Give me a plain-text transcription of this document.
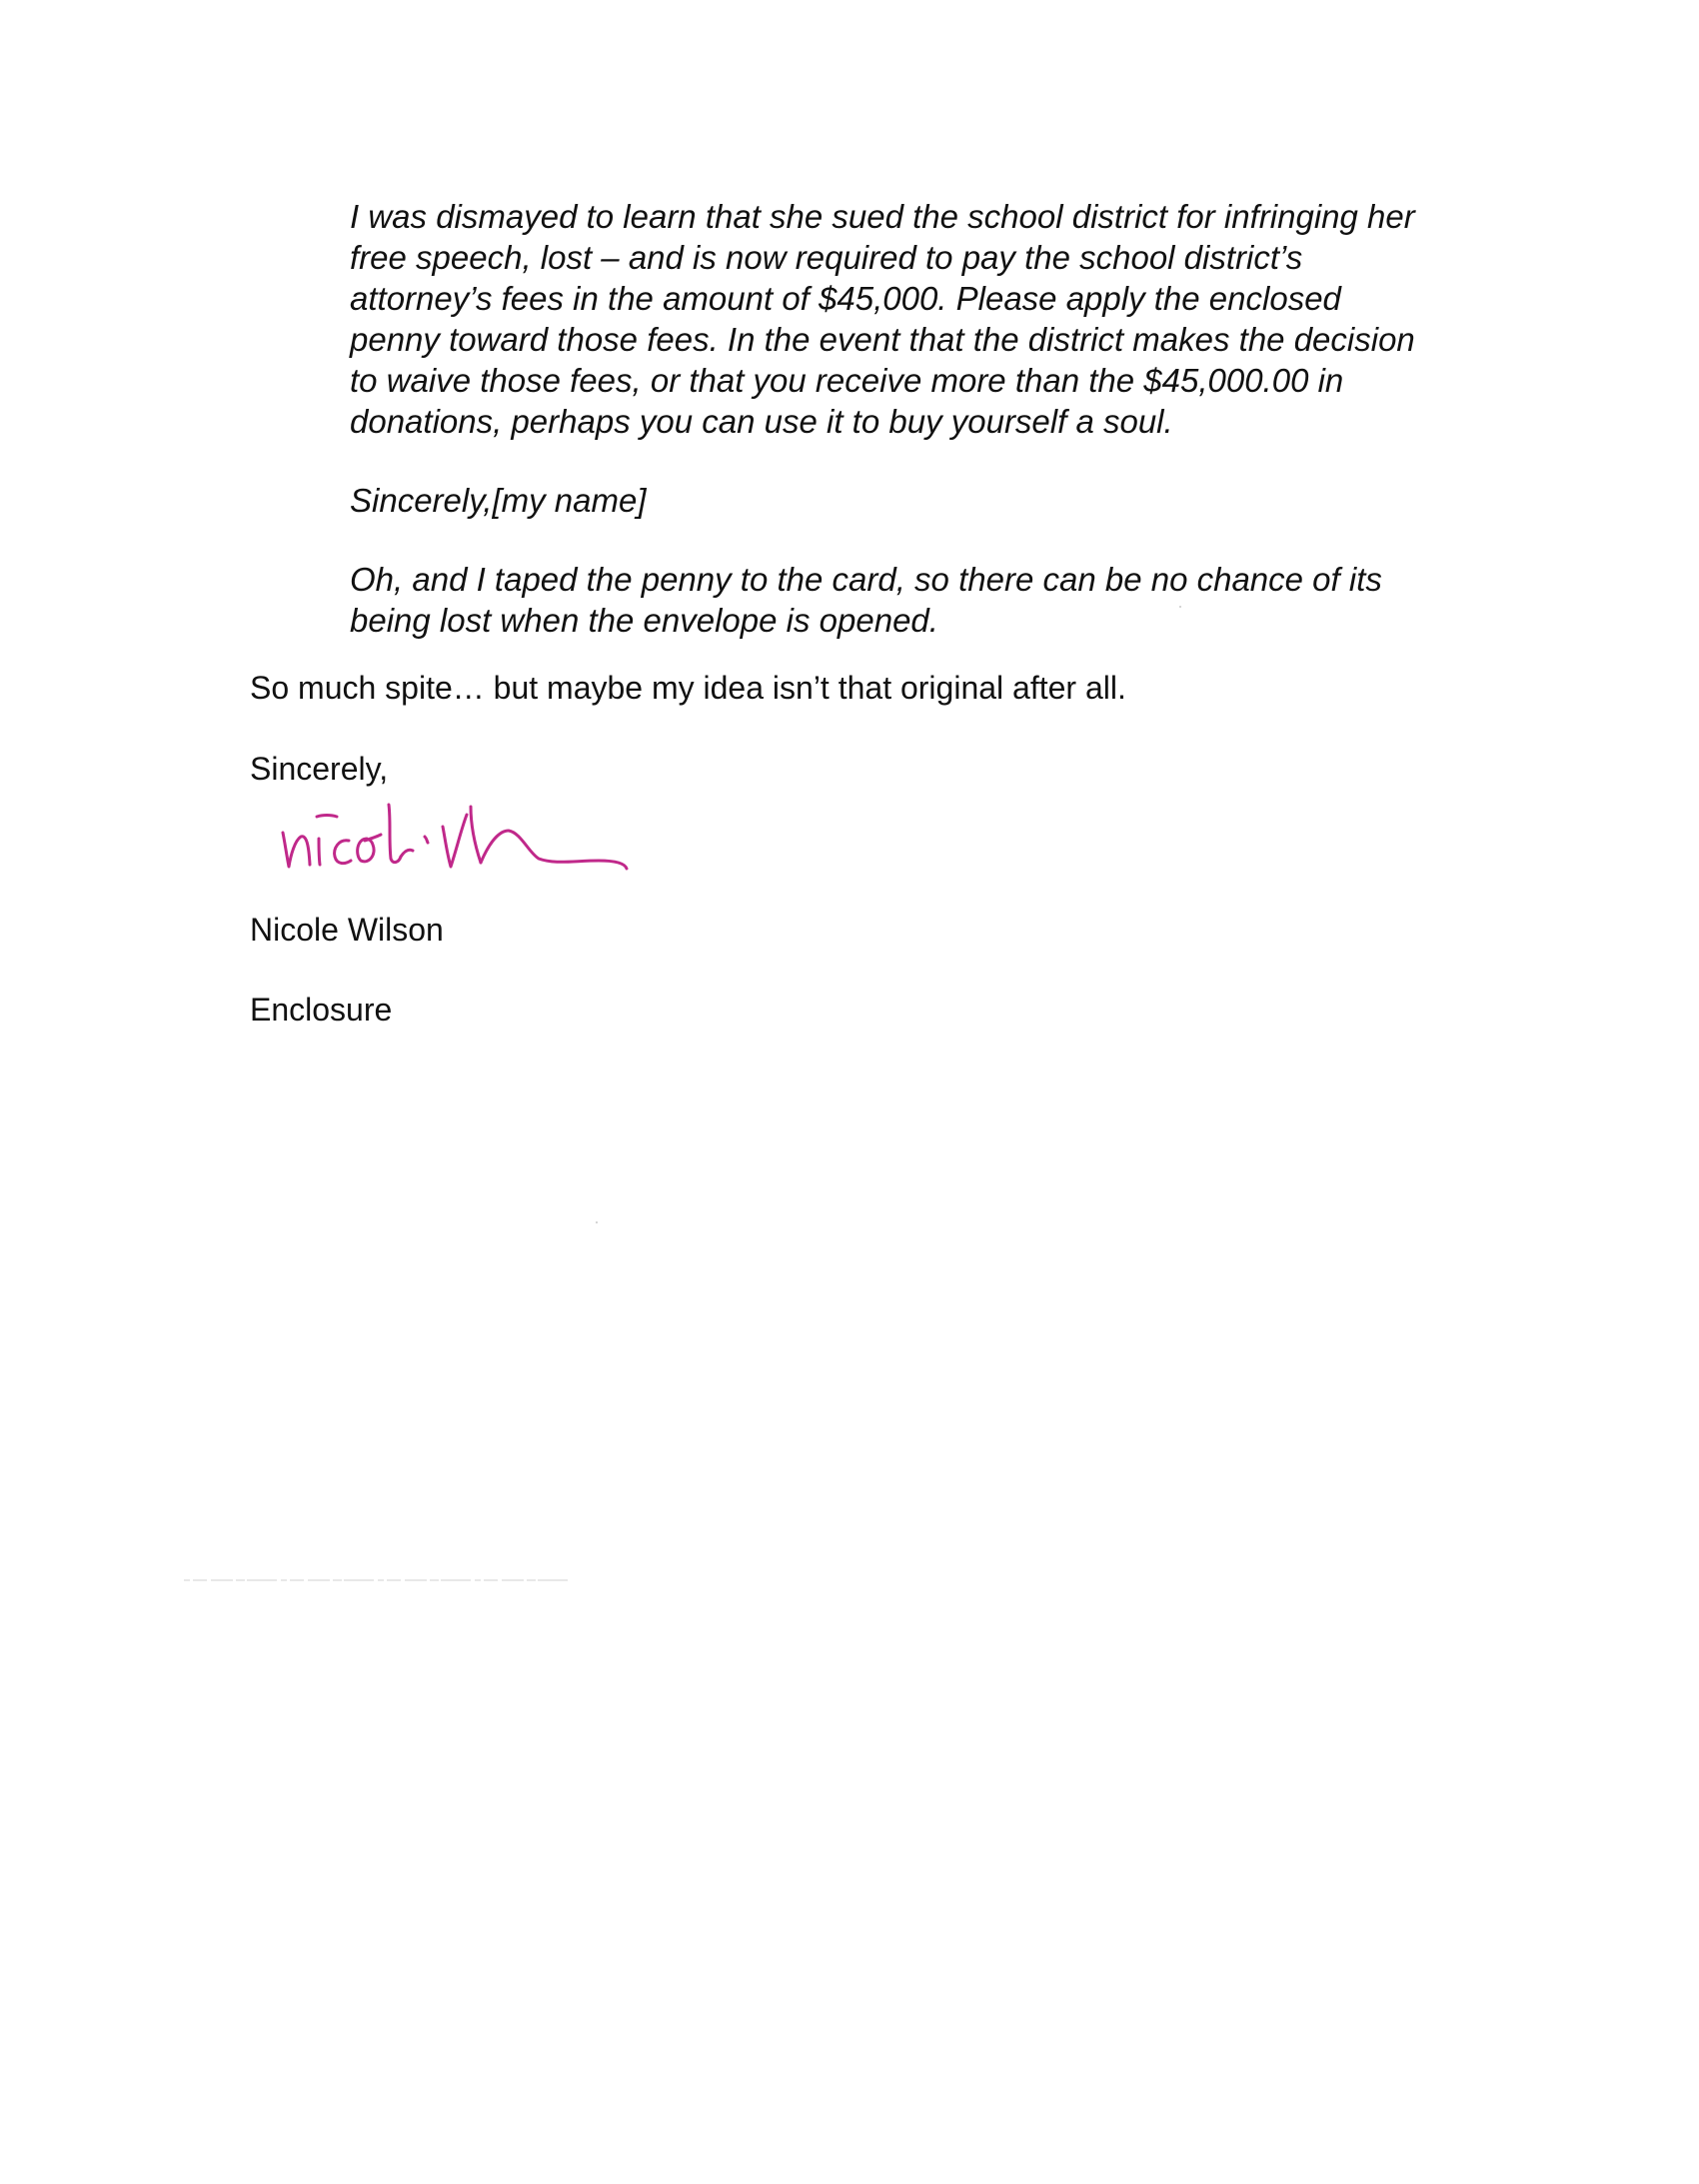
I was dismayed to learn that she sued the school district for infringing her
free speech, lost – and is now required to pay the school district’s
attorney’s fees in the amount of $45,000. Please apply the enclosed
penny toward those fees. In the event that the district makes the decision
to waive those fees, or that you receive more than the $45,000.00 in
donations, perhaps you can use it to buy yourself a soul.

Sincerely,[my name]

Oh, and I taped the penny to the card, so there can be no chance of its
being lost when the envelope is opened.

So much spite… but maybe my idea isn’t that original after all.

Sincerely,

Nicole Wilson

Enclosure
